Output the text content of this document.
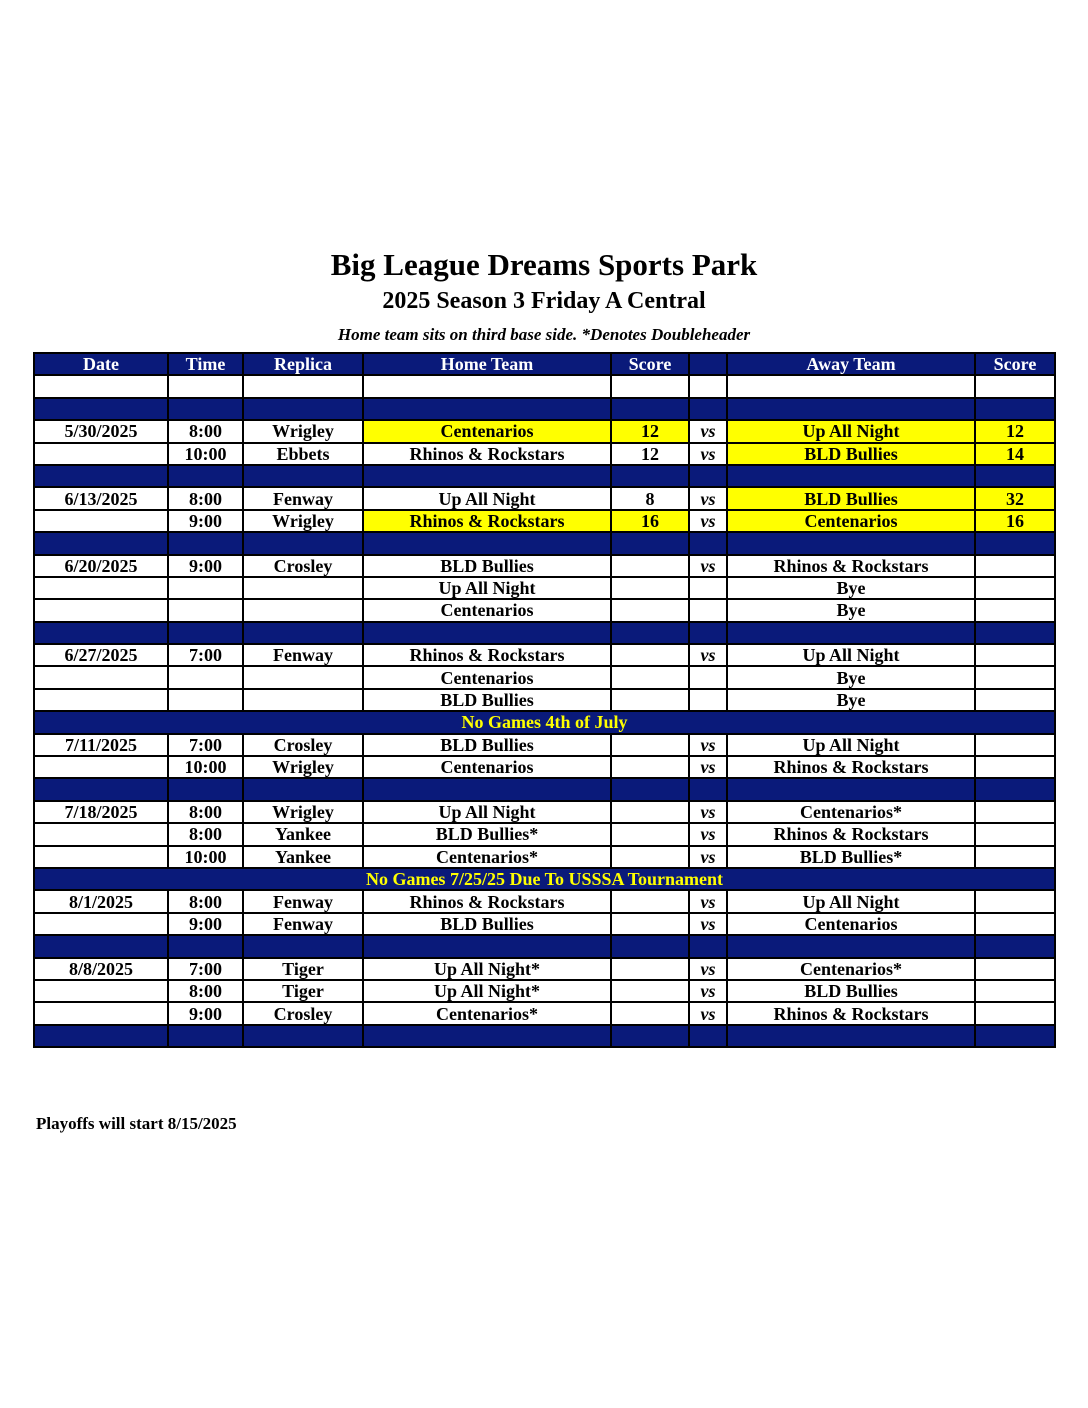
Big League Dreams Sports Park
2025 Season 3 Friday A Central
Home team sits on third base side. *Denotes Doubleheader
Date	Time	Replica	Home Team	Score		Away Team	Score

5/30/2025	8:00	Wrigley	Centenarios	12	vs	Up All Night	12
	10:00	Ebbets	Rhinos & Rockstars	12	vs	BLD Bullies	14

6/13/2025	8:00	Fenway	Up All Night	8	vs	BLD Bullies	32
	9:00	Wrigley	Rhinos & Rockstars	16	vs	Centenarios	16

6/20/2025	9:00	Crosley	BLD Bullies		vs	Rhinos & Rockstars	
			Up All Night			Bye	
			Centenarios			Bye	

6/27/2025	7:00	Fenway	Rhinos & Rockstars		vs	Up All Night	
			Centenarios			Bye	
			BLD Bullies			Bye	
No Games 4th of July							
7/11/2025	7:00	Crosley	BLD Bullies		vs	Up All Night	
	10:00	Wrigley	Centenarios		vs	Rhinos & Rockstars	

7/18/2025	8:00	Wrigley	Up All Night		vs	Centenarios*	
	8:00	Yankee	BLD Bullies*		vs	Rhinos & Rockstars	
	10:00	Yankee	Centenarios*		vs	BLD Bullies*	
No Games 7/25/25 Due To USSSA Tournament							
8/1/2025	8:00	Fenway	Rhinos & Rockstars		vs	Up All Night	
	9:00	Fenway	BLD Bullies		vs	Centenarios	

8/8/2025	7:00	Tiger	Up All Night*		vs	Centenarios*	
	8:00	Tiger	Up All Night*		vs	BLD Bullies	
	9:00	Crosley	Centenarios*		vs	Rhinos & Rockstars	

Playoffs will start 8/15/2025
